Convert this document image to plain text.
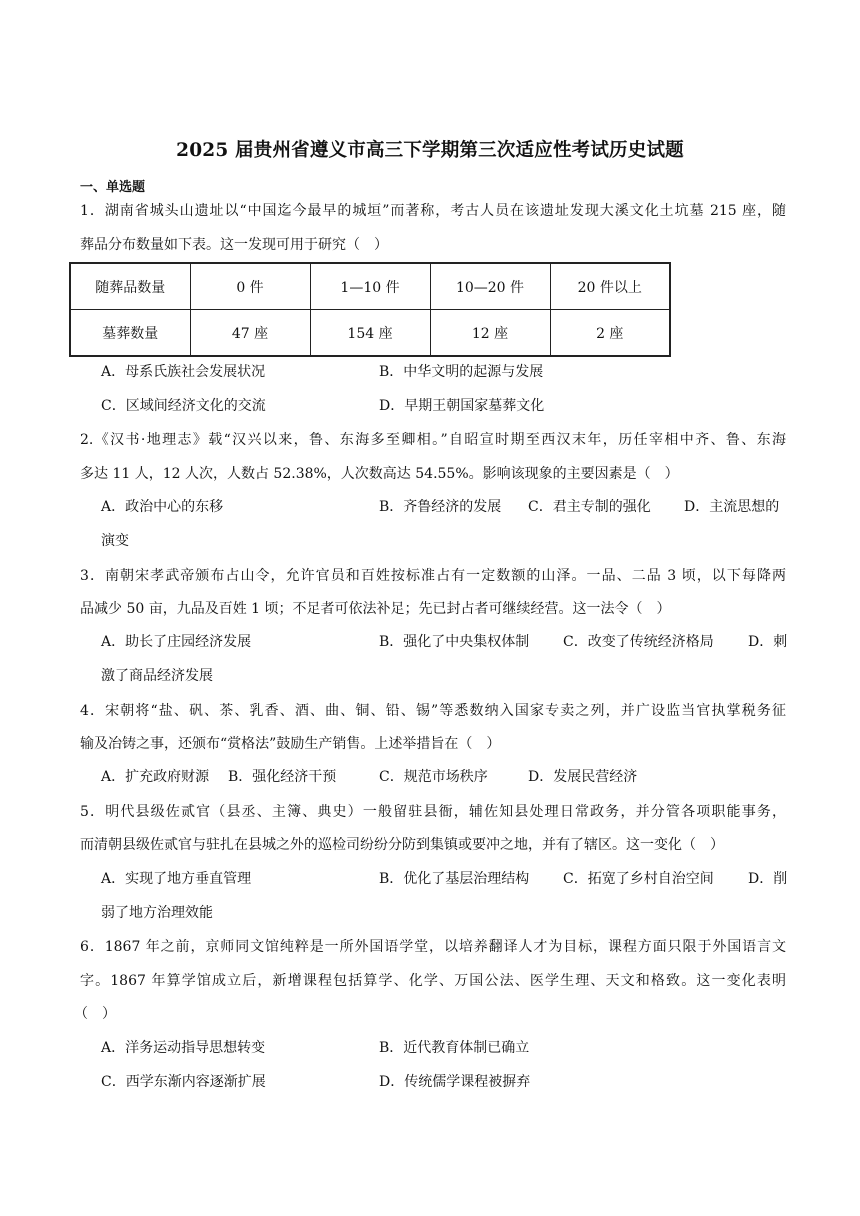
2025 届贵州省遵义市高三下学期第三次适应性考试历史试题
一、单选题
1．湖南省城头山遗址以“中国迄今最早的城垣”而著称，考古人员在该遗址发现大溪文化土坑墓 215 座，随
葬品分布数量如下表。这一发现可用于研究（　）
随葬品数量	0 件	1—10 件	10—20 件	20 件以上
墓葬数量	47 座	154 座	12 座	2 座
A．母系氏族社会发展状况	B．中华文明的起源与发展
C．区域间经济文化的交流	D．早期王朝国家墓葬文化
2.《汉书·地理志》载“汉兴以来，鲁、东海多至卿相。”自昭宣时期至西汉末年，历任宰相中齐、鲁、东海
多达 11 人，12 人次，人数占 52.38%，人次数高达 54.55%。影响该现象的主要因素是（　）
A．政治中心的东移	B．齐鲁经济的发展 C．君主专制的强化 D．主流思想的
演变
3．南朝宋孝武帝颁布占山令，允许官员和百姓按标准占有一定数额的山泽。一品、二品 3 顷，以下每降两
品减少 50 亩，九品及百姓 1 顷；不足者可依法补足；先已封占者可继续经营。这一法令（　）
A．助长了庄园经济发展	B．强化了中央集权体制 C．改变了传统经济格局 D．刺
激了商品经济发展
4．宋朝将“盐、矾、茶、乳香、酒、曲、铜、铅、锡”等悉数纳入国家专卖之列，并广设监当官执掌税务征
输及冶铸之事，还颁布“赏格法”鼓励生产销售。上述举措旨在（　）
A．扩充政府财源 B．强化经济干预	C．规范市场秩序	D．发展民营经济
5．明代县级佐贰官（县丞、主簿、典史）一般留驻县衙，辅佐知县处理日常政务，并分管各项职能事务，
而清朝县级佐贰官与驻扎在县城之外的巡检司纷纷分防到集镇或要冲之地，并有了辖区。这一变化（　）
A．实现了地方垂直管理	B．优化了基层治理结构 C．拓宽了乡村自治空间 D．削
弱了地方治理效能
6．1867 年之前，京师同文馆纯粹是一所外国语学堂，以培养翻译人才为目标，课程方面只限于外国语言文
字。1867 年算学馆成立后，新增课程包括算学、化学、万国公法、医学生理、天文和格致。这一变化表明
（　）
A．洋务运动指导思想转变	B．近代教育体制已确立
C．西学东渐内容逐渐扩展	D．传统儒学课程被摒弃
